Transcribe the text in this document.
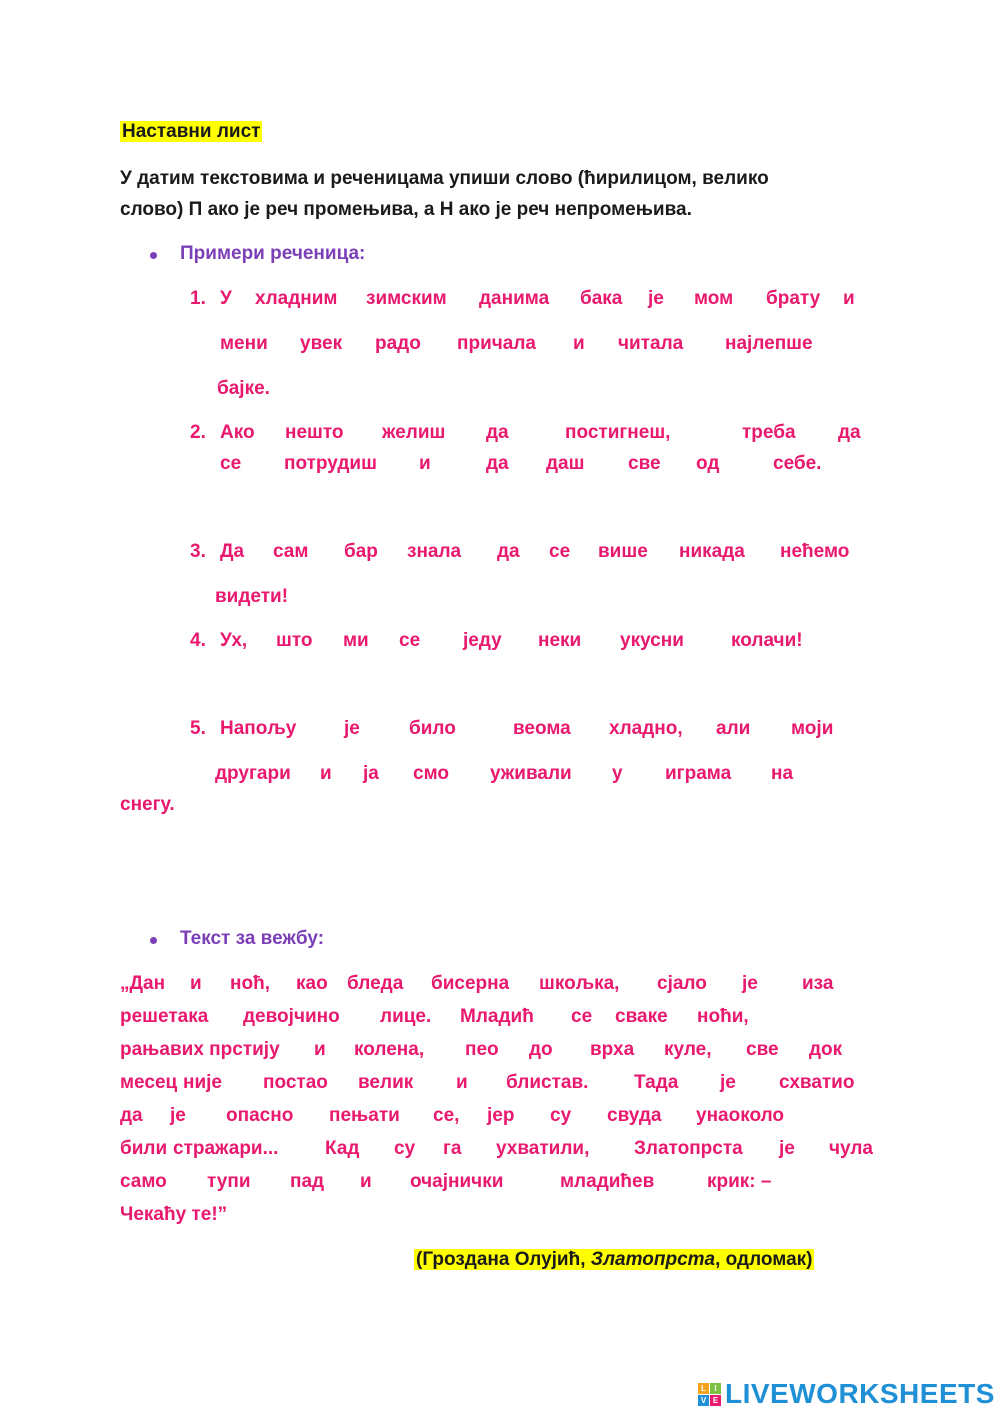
Наставни лист
У датим текстовима и реченицама упиши слово (ћирилицом, велико
слово) П ако је реч промењива, а Н ако је реч непромењива.
Примери реченица:
1.
2.
3.
4.
5.
У хладним зимским данима бака је мом брату и
мени увек радо причала и читала најлепше
бајке.
Ако нешто желиш да	постигнеш,	треба да
се потрудиш и	да даш све од	себе.
Да сам бар знала да се више никада нећемо
видети!
Ух, што ми се једу неки укусни колачи!
Напољу	је	било	веома хладно, али моји
другари и ја смо уживали у играма на
снегу.
Текст за вежбу:
„Дан и ноћ, као бледа бисерна шкољка, сјало је иза
решетака девојчино лице. Младић се сваке ноћи,
рањавих прстију и колена, пео до врха куле, све док
месец није постао велик и блистав. Тада је схватио
да је опасно пењати се, јер су свуда унаоколо
били стражари... Кад су га ухватили, Златопрста је чула
само тупи пад и очајнички	младићев	крик: –
Чекаћу те!”
(Гроздана Олујић, Златопрста, одломак)
L	I
V E LIVEWORKSHEETS
